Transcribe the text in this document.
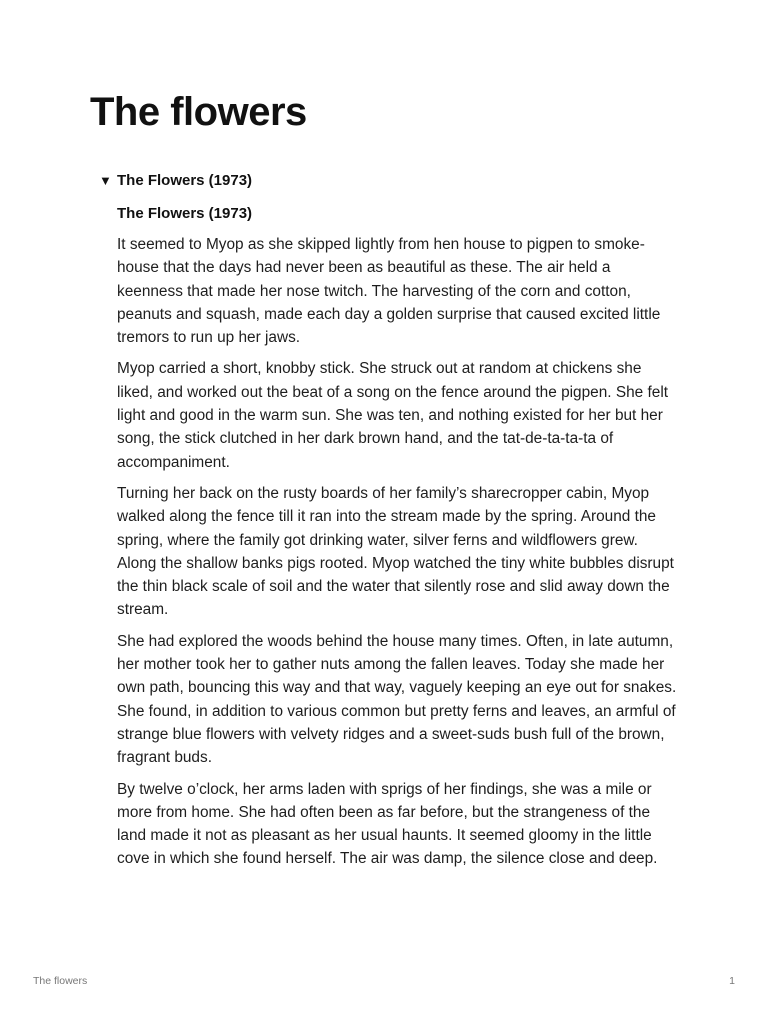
The flowers
▼ The Flowers (1973)

The Flowers (1973)

It seemed to Myop as she skipped lightly from hen house to pigpen to smoke-house that the days had never been as beautiful as these. The air held a keenness that made her nose twitch. The harvesting of the corn and cotton, peanuts and squash, made each day a golden surprise that caused excited little tremors to run up her jaws.

Myop carried a short, knobby stick. She struck out at random at chickens she liked, and worked out the beat of a song on the fence around the pigpen. She felt light and good in the warm sun. She was ten, and nothing existed for her but her song, the stick clutched in her dark brown hand, and the tat-de-ta-ta-ta of accompaniment.

Turning her back on the rusty boards of her family’s sharecropper cabin, Myop walked along the fence till it ran into the stream made by the spring. Around the spring, where the family got drinking water, silver ferns and wildflowers grew. Along the shallow banks pigs rooted. Myop watched the tiny white bubbles disrupt the thin black scale of soil and the water that silently rose and slid away down the stream.

She had explored the woods behind the house many times. Often, in late autumn, her mother took her to gather nuts among the fallen leaves. Today she made her own path, bouncing this way and that way, vaguely keeping an eye out for snakes. She found, in addition to various common but pretty ferns and leaves, an armful of strange blue flowers with velvety ridges and a sweet-suds bush full of the brown, fragrant buds.

By twelve o’clock, her arms laden with sprigs of her findings, she was a mile or more from home. She had often been as far before, but the strangeness of the land made it not as pleasant as her usual haunts. It seemed gloomy in the little cove in which she found herself. The air was damp, the silence close and deep.

The flowers	1
